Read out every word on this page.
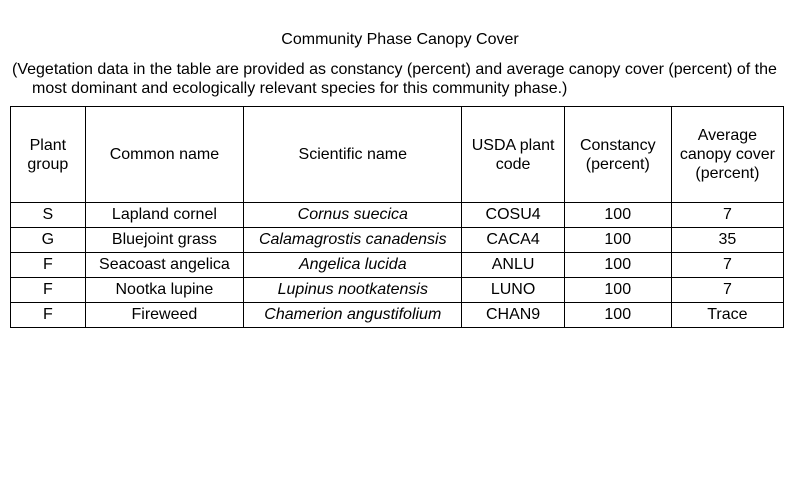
Community Phase Canopy Cover
(Vegetation data in the table are provided as constancy (percent) and average canopy cover (percent) of the most dominant and ecologically relevant species for this community phase.)
Plant group	Common name	Scientific name	USDA plant code	Constancy (percent)	Average canopy cover (percent)
S	Lapland cornel	Cornus suecica	COSU4	100	7
G	Bluejoint grass	Calamagrostis canadensis	CACA4	100	35
F	Seacoast angelica	Angelica lucida	ANLU	100	7
F	Nootka lupine	Lupinus nootkatensis	LUNO	100	7
F	Fireweed	Chamerion angustifolium	CHAN9	100	Trace
